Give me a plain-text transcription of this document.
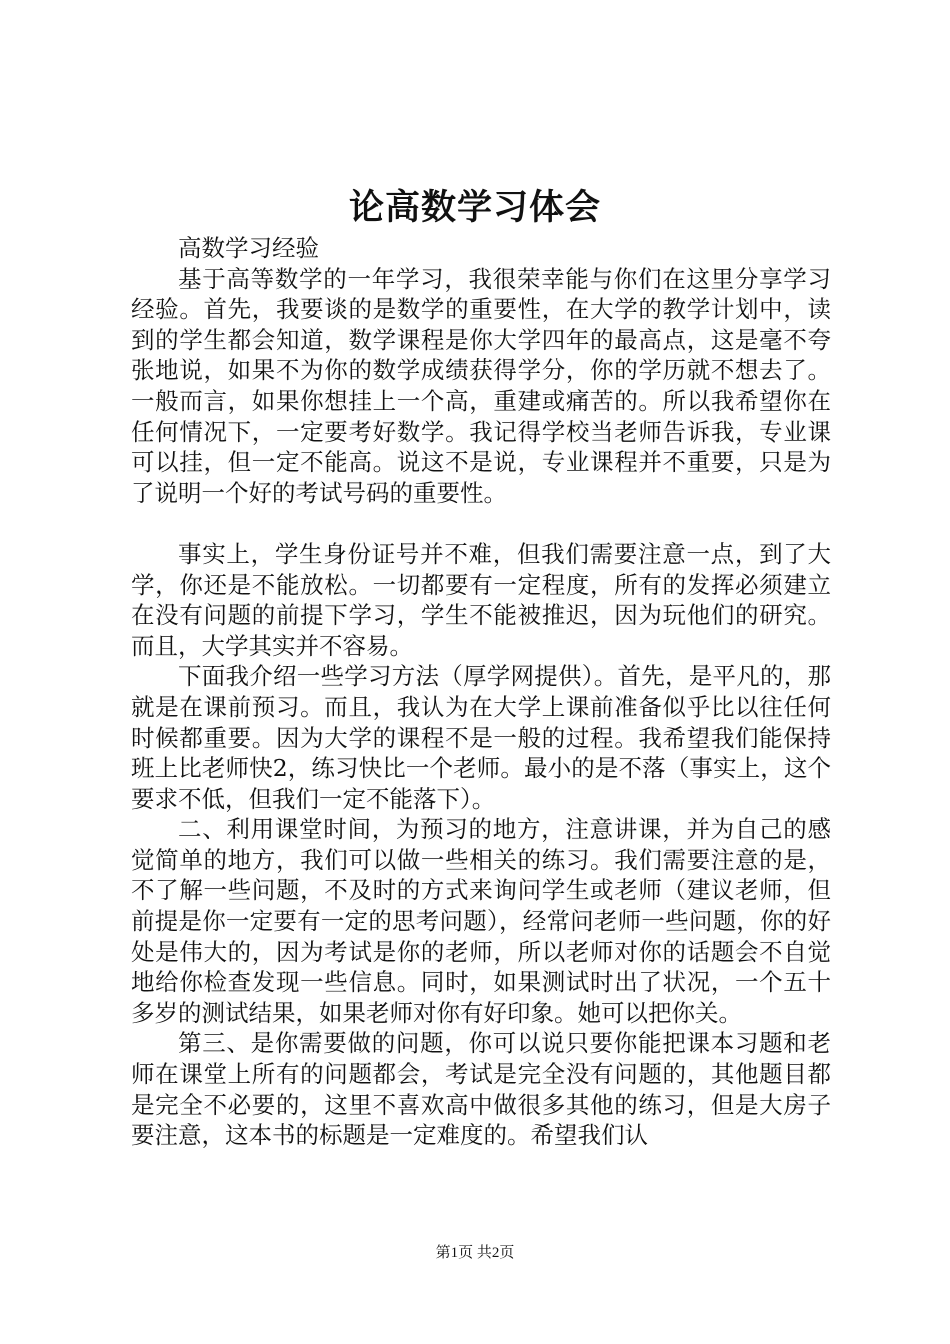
论高数学习体会

高数学习经验

基于高等数学的一年学习，我很荣幸能与你们在这里分享学习经验。首先，我要谈的是数学的重要性，在大学的教学计划中，读到的学生都会知道，数学课程是你大学四年的最高点，这是毫不夸张地说，如果不为你的数学成绩获得学分，你的学历就不想去了。一般而言，如果你想挂上一个高，重建或痛苦的。所以我希望你在任何情况下，一定要考好数学。我记得学校当老师告诉我，专业课可以挂，但一定不能高。说这不是说，专业课程并不重要，只是为了说明一个好的考试号码的重要性。

事实上，学生身份证号并不难，但我们需要注意一点，到了大学，你还是不能放松。一切都要有一定程度，所有的发挥必须建立在没有问题的前提下学习，学生不能被推迟，因为玩他们的研究。而且，大学其实并不容易。

下面我介绍一些学习方法（厚学网提供）。首先，是平凡的，那就是在课前预习。而且，我认为在大学上课前准备似乎比以往任何时候都重要。因为大学的课程不是一般的过程。我希望我们能保持班上比老师快2，练习快比一个老师。最小的是不落（事实上，这个要求不低，但我们一定不能落下）。

二、利用课堂时间，为预习的地方，注意讲课，并为自己的感觉简单的地方，我们可以做一些相关的练习。我们需要注意的是，不了解一些问题，不及时的方式来询问学生或老师（建议老师，但前提是你一定要有一定的思考问题），经常问老师一些问题，你的好处是伟大的，因为考试是你的老师，所以老师对你的话题会不自觉地给你检查发现一些信息。同时，如果测试时出了状况，一个五十多岁的测试结果，如果老师对你有好印象。她可以把你关。

第三、是你需要做的问题，你可以说只要你能把课本习题和老师在课堂上所有的问题都会，考试是完全没有问题的，其他题目都是完全不必要的，这里不喜欢高中做很多其他的练习，但是大房子要注意，这本书的标题是一定难度的。希望我们认

第1页 共2页
